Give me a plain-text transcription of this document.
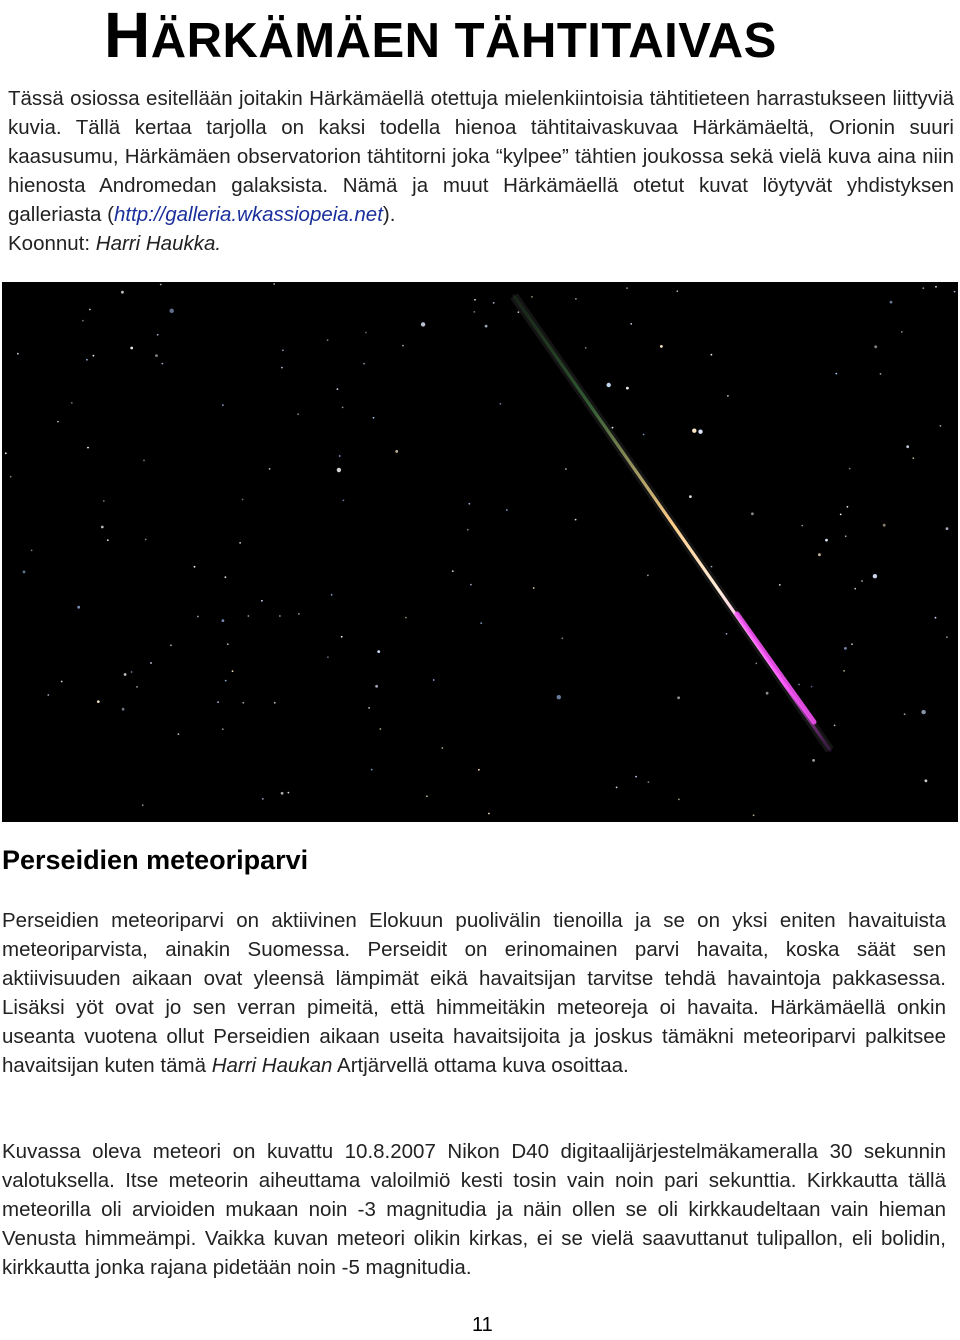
HÄRKÄMÄEN TÄHTITAIVAS
Tässä osiossa esitellään joitakin Härkämäellä otettuja mielenkiintoisia tähtitieteen harrastukseen liittyviä kuvia. Tällä kertaa tarjolla on kaksi todella hienoa tähtitaivaskuvaa Härkämäeltä, Orionin suuri kaasusumu, Härkämäen observatorion tähtitorni joka “kylpee” tähtien joukossa sekä vielä kuva aina niin hienosta Andromedan galaksista. Nämä ja muut Härkämäellä otetut kuvat löytyvät yhdistyksen galleriasta (http://galleria.wkassiopeia.net).
Koonnut: Harri Haukka.
Perseidien meteoriparvi
Perseidien meteoriparvi on aktiivinen Elokuun puolivälin tienoilla ja se on yksi eniten havaituista meteoriparvista, ainakin Suomessa. Perseidit on erinomainen parvi havaita, koska säät sen aktiivisuuden aikaan ovat yleensä lämpimät eikä havaitsijan tarvitse tehdä havaintoja pakkasessa. Lisäksi yöt ovat jo sen verran pimeitä, että himmeitäkin meteoreja oi havaita. Härkämäellä onkin useanta vuotena ollut Perseidien aikaan useita havaitsijoita ja joskus tämäkni meteoriparvi palkitsee havaitsijan kuten tämä Harri Haukan Artjärvellä ottama kuva osoittaa.
Kuvassa oleva meteori on kuvattu 10.8.2007 Nikon D40 digitaalijärjestelmäkameralla 30 sekunnin valotuksella. Itse meteorin aiheuttama valoilmiö kesti tosin vain noin pari sekunttia. Kirkkautta tällä meteorilla oli arvioiden mukaan noin -3 magnitudia ja näin ollen se oli kirkkaudeltaan vain hieman Venusta himmeämpi. Vaikka kuvan meteori olikin kirkas, ei se vielä saavuttanut tulipallon, eli bolidin, kirkkautta jonka rajana pidetään noin -5 magnitudia.
11
